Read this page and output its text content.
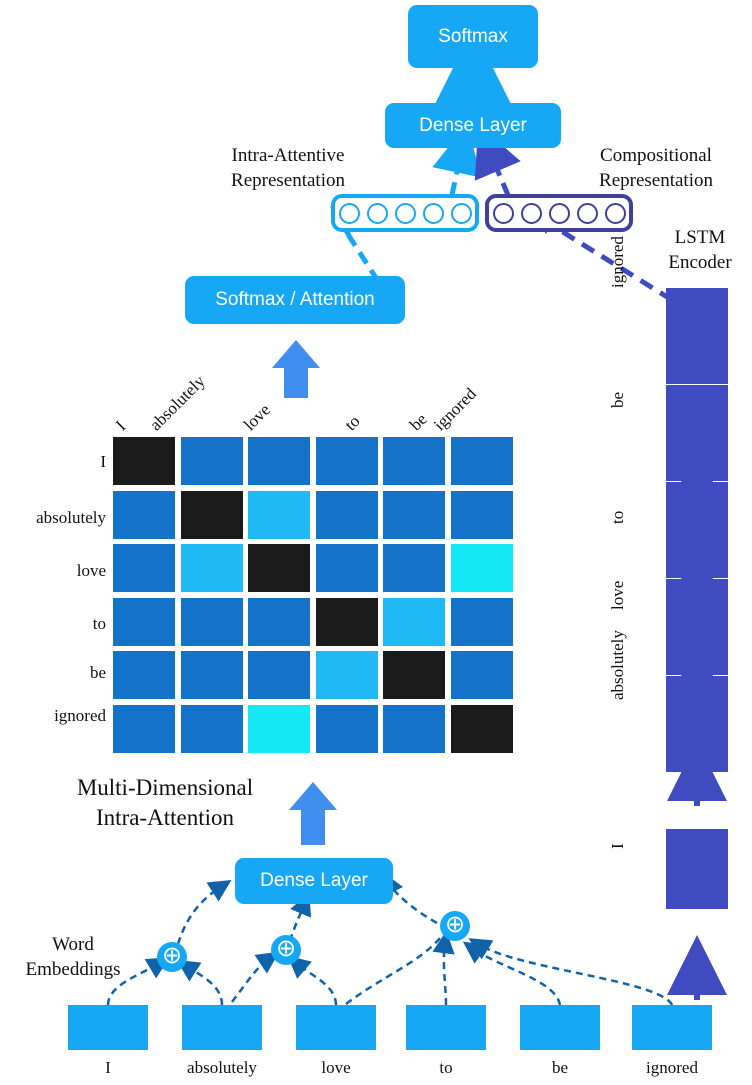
Softmax
Dense Layer
Intra-Attentive
Representation
Compositional
Representation
Softmax / Attention
LSTM
Encoder
ignored
be
to
love
absolutely
I
I absolutely love	to be ignored
I
absolutely
love
to
be
ignored
Multi-Dimensional
Intra-Attention
Dense Layer
Word
Embeddings
⊕	⊕
⊕
I	absolutely	love	to	be	ignored
